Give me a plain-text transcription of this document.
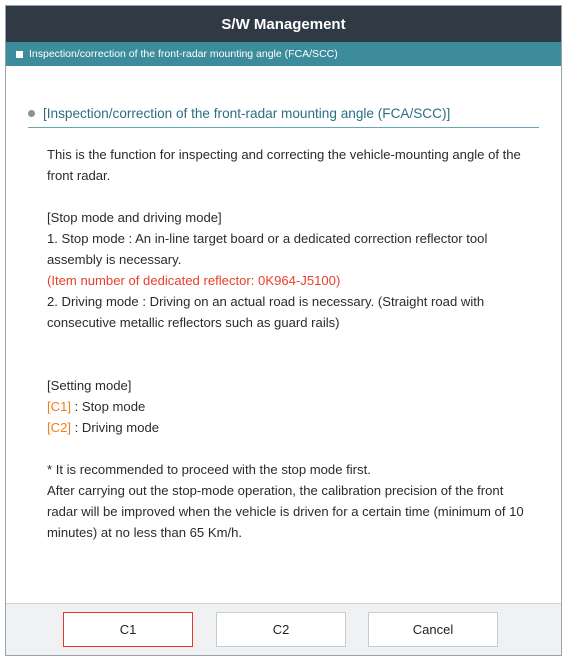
S/W Management
Inspection/correction of the front-radar mounting angle (FCA/SCC)
[Inspection/correction of the front-radar mounting angle (FCA/SCC)]

This is the function for inspecting and correcting the vehicle-mounting angle of the front radar.

[Stop mode and driving mode]

1. Stop mode : An in-line target board or a dedicated correction reflector tool assembly is necessary.

(Item number of dedicated reflector: 0K964-J5100)

2. Driving mode : Driving on an actual road is necessary. (Straight road with consecutive metallic reflectors such as guard rails)

[Setting mode]

[C1] : Stop mode

[C2] : Driving mode

* It is recommended to proceed with the stop mode first.

After carrying out the stop-mode operation, the calibration precision of the front radar will be improved when the vehicle is driven for a certain time (minimum of 10 minutes) at no less than 65 Km/h.

C1	C2	Cancel
